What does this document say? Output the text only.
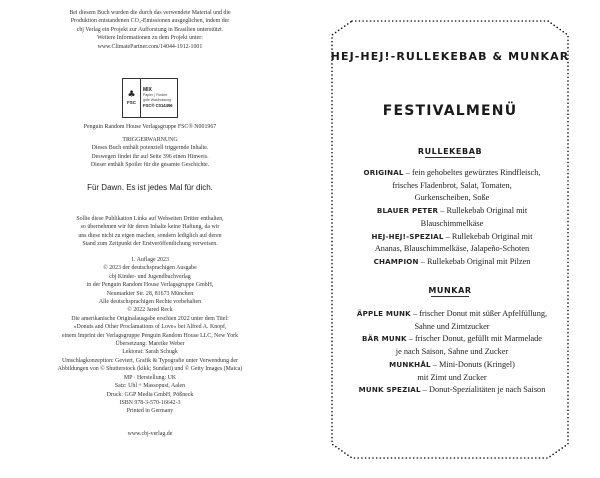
Bei diesem Buch wurden die durch das verwendete Material und die
Produktion entstandenen CO₂-Emissionen ausgeglichen, indem der
cbj Verlag ein Projekt zur Aufforstung in Brasilien unterstützt.
Weitere Informationen zu dem Projekt unter:
www.ClimatePartner.com/14044-1912-1001
♣
FSC
MIX
Papier | Fördert
gute Waldnutzung
FSC® C014496
Penguin Random House Verlagsgruppe FSC® N001967
TRIGGERWARNUNG
Dieses Buch enthält potenziell triggernde Inhalte.
Deswegen findet ihr auf Seite 396 einen Hinweis.
Dieser enthält Spoiler für die gesamte Geschichte.
Für Dawn. Es ist jedes Mal für dich.
Sollte diese Publikation Links auf Webseiten Dritter enthalten,
so übernehmen wir für deren Inhalte keine Haftung, da wir
uns diese nicht zu eigen machen, sondern lediglich auf deren
Stand zum Zeitpunkt der Erstveröffentlichung verweisen.
1. Auflage 2023
© 2023 der deutschsprachigen Ausgabe
cbj Kinder- und Jugendbuchverlag
in der Penguin Random House Verlagsgruppe GmbH,
Neumarkter Str. 28, 81673 München
Alle deutschsprachigen Rechte vorbehalten
© 2022 Jared Reck
Die amerikanische Originalausgabe erschien 2022 unter dem Titel:
»Donuts and Other Proclamations of Love« bei Alfred A. Knopf,
einem Imprint der Verlagsgruppe Penguin Random House LLC, New York
Übersetzung: Mareike Weber
Lektorat: Sarah Schugk
Umschlagkonzeption: Geviert, Grafik & Typografie unter Verwendung der
Abbildungen von © Shutterstock (kikk; Sundari) und © Getty Images (Maica)
MP · Herstellung: UK
Satz: Uhl + Massopust, Aalen
Druck: GGP Media GmbH, Pößneck
ISBN 978-3-570-16642-3
Printed in Germany
www.cbj-verlag.de
HEJ-HEJ!-RULLEKEBAB & MUNKAR
FESTIVALMENÜ
RULLEKEBAB
ORIGINAL – fein gehobeltes gewürztes Rindfleisch,
frisches Fladenbrot, Salat, Tomaten,
Gurkenscheiben, Soße
BLAUER PETER – Rullekebab Original mit
Blauschimmelkäse
HEJ-HEJ!-SPEZIAL – Rullekebab Original mit
Ananas, Blauschimmelkäse, Jalapeño-Schoten
CHAMPION – Rullekebab Original mit Pilzen
MUNKAR
ÄPPLE MUNK – frischer Donut mit süßer Apfelfüllung,
Sahne und Zimtzucker
BÄR MUNK – frischer Donut, gefüllt mit Marmelade
je nach Saison, Sahne und Zucker
MUNKHÅL – Mini-Donuts (Kringel)
mit Zimt und Zucker
MUNK SPEZIAL – Donut-Spezialitäten je nach Saison
